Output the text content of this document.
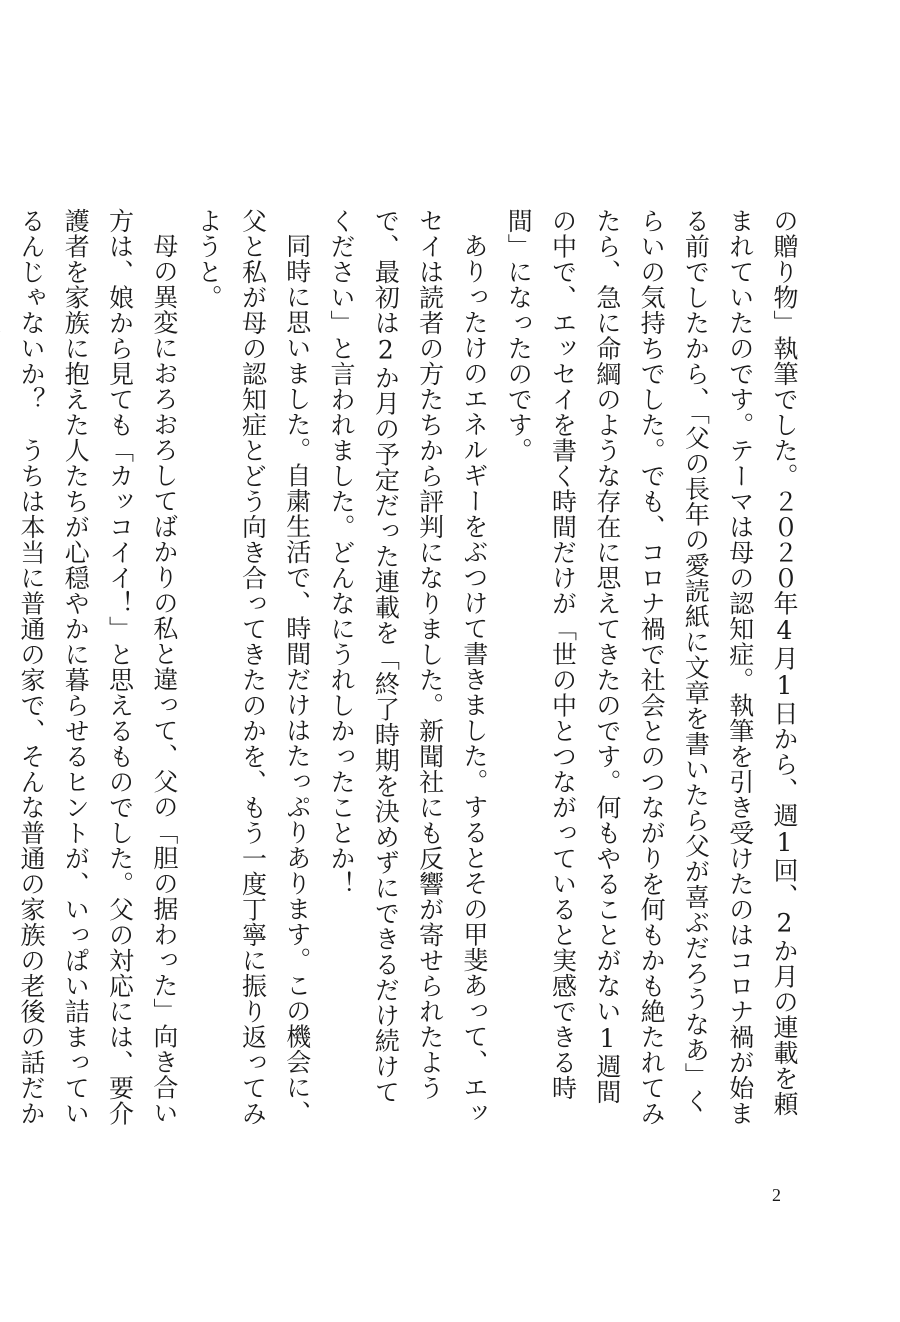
の贈り物」執筆でした。２０２０年4月1日から、週1回、2か月の連載を頼まれていたのです。テーマは母の認知症。執筆を引き受けたのはコロナ禍が始まる前でしたから、「父の長年の愛読紙に文章を書いたら父が喜ぶだろうなあ」くらいの気持ちでした。でも、コロナ禍で社会とのつながりを何もかも絶たれてみたら、急に命綱のような存在に思えてきたのです。何もやることがない1週間の中で、エッセイを書く時間だけが「世の中とつながっていると実感できる時間」になったのです。

ありったけのエネルギーをぶつけて書きました。するとその甲斐あって、エッセイは読者の方たちから評判になりました。新聞社にも反響が寄せられたようで、最初は2か月の予定だった連載を「終了時期を決めずにできるだけ続けてください」と言われました。どんなにうれしかったことか！

同時に思いました。自粛生活で、時間だけはたっぷりあります。この機会に、父と私が母の認知症とどう向き合ってきたのかを、もう一度丁寧に振り返ってみようと。

母の異変におろおろしてばかりの私と違って、父の「胆の据わった」向き合い方は、娘から見ても「カッコイイ！」と思えるものでした。父の対応には、要介護者を家族に抱えた人たちが心穏やかに暮らせるヒントが、いっぱい詰まっているんじゃないか？　うちは本当に普通の家で、そんな普通の家族の老後の話だか

2
